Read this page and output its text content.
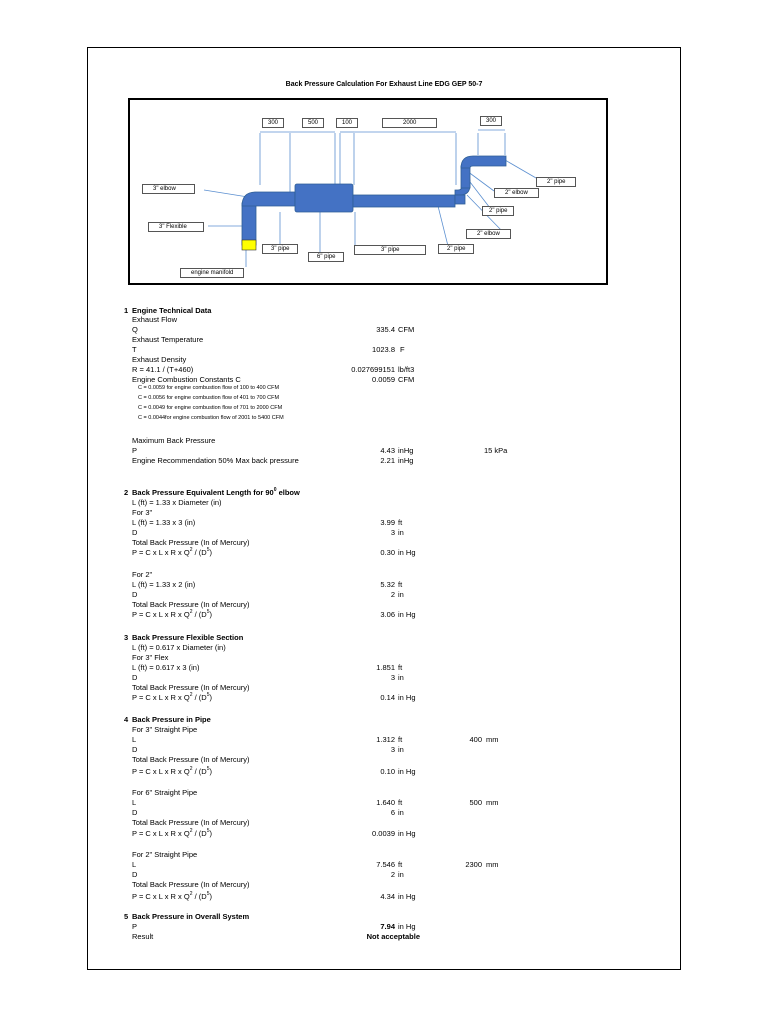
Back Pressure Calculation For Exhaust Line EDG GEP 50-7
300	500	100	2000	300
3" elbow
3" Flexible
engine manifold
3" pipe
6" pipe
3" pipe	2" pipe
2" elbow
2" pipe
2" elbow
2" pipe
1 Engine Technical Data
Exhaust Flow
Q	335.4 CFM
Exhaust Temperature
T	1023.8 F
Exhaust Density
R = 41.1 / (T+460)	0.027699151 lb/ft3
Engine Combustion Constants C	0.0059 CFM
C = 0.0059 for engine combustion flow of 100 to 400 CFM
C = 0.0056 for engine combustion flow of 401 to 700 CFM
C = 0.0049 for engine combustion flow of 701 to 2000 CFM
C = 0.0044for engine combustion flow of 2001 to 5400 CFM
Maximum Back Pressure
P	4.43 inHg	15 kPa
Engine Recommendation 50% Max back pressure	2.21 inHg
2 Back Pressure Equivalent Length for $90^0$ elbow
L (ft) = 1.33 x Diameter (in)
For 3"
L (ft) = 1.33 x 3 (in)	3.99 ft
D	3 in
Total Back Pressure (In of Mercury)
P = C x L x R x $Q^2 / (D^5)$	0.30 in Hg
For 2"
L (ft) = 1.33 x 2 (in)	5.32 ft
D	2 in
Total Back Pressure (In of Mercury)
P = C x L x R x $Q^2 / (D^5)$	3.06 in Hg
3 Back Pressure Flexible Section
L (ft) = 0.617 x Diameter (in)
For 3" Flex
L (ft) = 0.617 x 3 (in)	1.851 ft
D	3 in
Total Back Pressure (In of Mercury)
P = C x L x R x $Q^2 / (D^5)$	0.14 in Hg
4 Back Pressure in Pipe
For 3" Straight Pipe
L	1.312 ft	400 mm
D	3 in
Total Back Pressure (In of Mercury)
P = C x L x R x $Q^2 / (D^5)$	0.10 in Hg
For 6" Straight Pipe
L	1.640 ft	500 mm
D	6 in
Total Back Pressure (In of Mercury)
P = C x L x R x $Q^2 / (D^5)$	0.0039 in Hg
For 2" Straight Pipe
L	7.546 ft	2300 mm
D	2 in
Total Back Pressure (In of Mercury)
P = C x L x R x $Q^2 / (D^5)$	4.34 in Hg
5 Back Pressure in Overall System
P	7.94 in Hg
Result	Not acceptable
